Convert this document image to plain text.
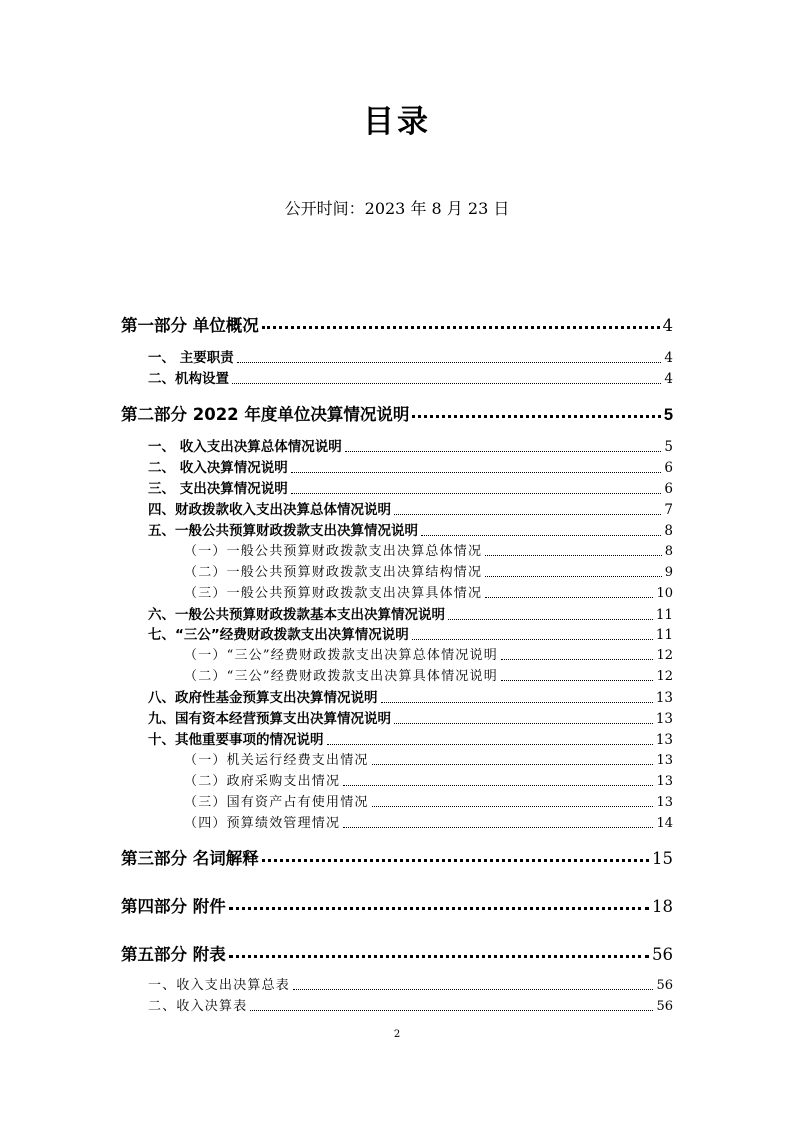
目录
公开时间：2023 年 8 月 23 日
第一部分 单位概况	4
一、 主要职责	4
二、机构设置	4
第二部分 2022 年度单位决算情况说明	5
一、 收入支出决算总体情况说明	5
二、 收入决算情况说明	6
三、 支出决算情况说明	6
四、财政拨款收入支出决算总体情况说明	7
五、一般公共预算财政拨款支出决算情况说明	8
（一）一般公共预算财政拨款支出决算总体情况	8
（二）一般公共预算财政拨款支出决算结构情况	9
（三）一般公共预算财政拨款支出决算具体情况	10
六、一般公共预算财政拨款基本支出决算情况说明	11
七、“三公”经费财政拨款支出决算情况说明	11
（一）“三公”经费财政拨款支出决算总体情况说明	12
（二）“三公”经费财政拨款支出决算具体情况说明	12
八、政府性基金预算支出决算情况说明	13
九、国有资本经营预算支出决算情况说明	13
十、其他重要事项的情况说明	13
（一）机关运行经费支出情况	13
（二）政府采购支出情况	13
（三）国有资产占有使用情况	13
（四）预算绩效管理情况	14
第三部分 名词解释	15
第四部分 附件	18
第五部分 附表	56
一、收入支出决算总表	56
二、收入决算表	56
2
